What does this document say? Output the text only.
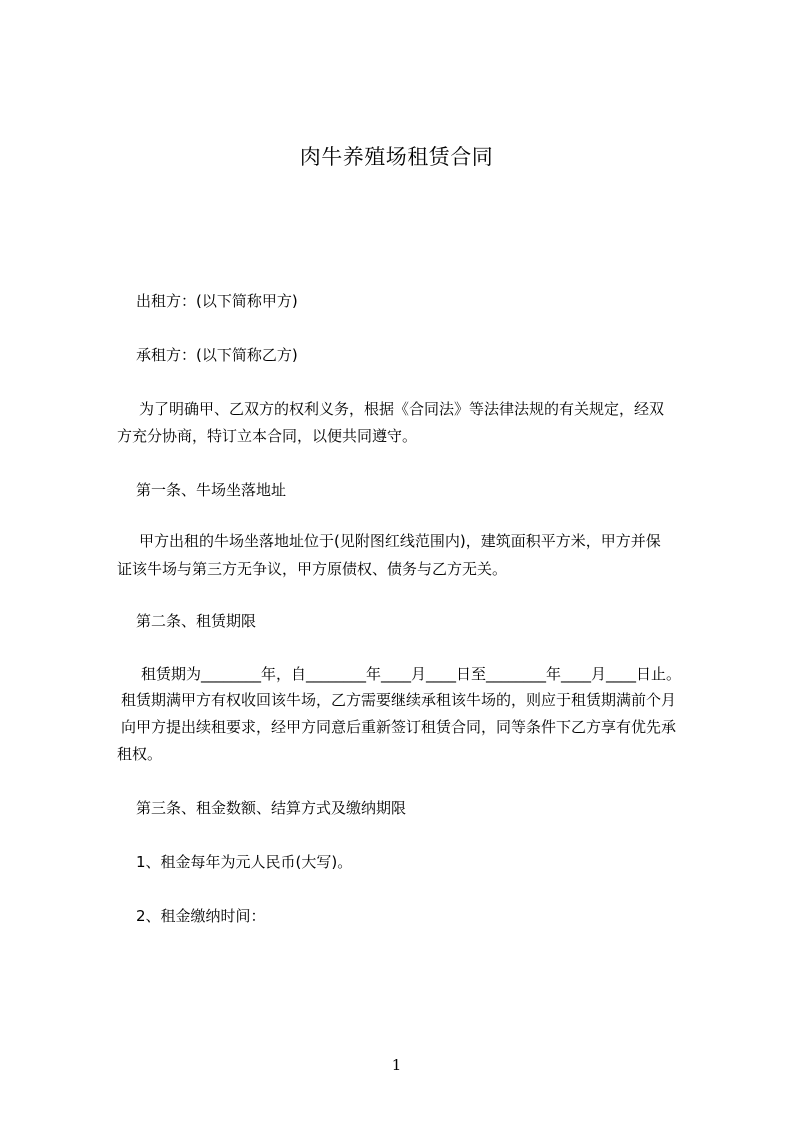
肉牛养殖场租赁合同
出租方：(以下简称甲方)
承租方：(以下简称乙方)
为了明确甲、乙双方的权利义务，根据《合同法》等法律法规的有关规定，经双
方充分协商，特订立本合同，以便共同遵守。
第一条、牛场坐落地址
甲方出租的牛场坐落地址位于(见附图红线范围内)，建筑面积平方米，甲方并保
证该牛场与第三方无争议，甲方原债权、债务与乙方无关。
第二条、租赁期限
租赁期为________年，自________年____月____日至________年____月____日止。
租赁期满甲方有权收回该牛场，乙方需要继续承租该牛场的，则应于租赁期满前个月
向甲方提出续租要求，经甲方同意后重新签订租赁合同，同等条件下乙方享有优先承
租权。
第三条、租金数额、结算方式及缴纳期限
1、租金每年为元人民币(大写)。
2、租金缴纳时间：
1
